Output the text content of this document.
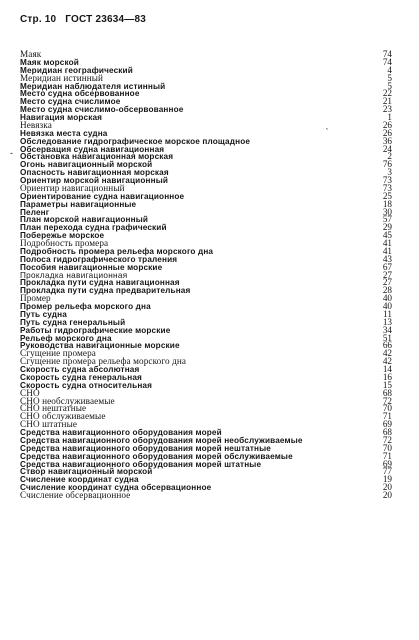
Стр. 10 ГОСТ 23634—83
-
,
Маяк	74
Маяк морской	74
Меридиан географический	4
Меридиан истинный	5
Меридиан наблюдателя истинный	5
Место судна обсервованное	22
Место судна счислимое	21
Место судна счислимо-обсервованное	23
Навигация морская	1
Невязка	26
Невязка места судна	26
Обследование гидрографическое морское площадное	36
Обсервация судна навигационная	24
Обстановка навигационная морская	2
Огонь навигационный морской	76
Опасность навигационная морская	3
Ориентир морской навигационный	73
Ориентир навигационный	73
Ориентирование судна навигационное	25
Параметры навигационные	18
Пеленг	30
План морской навигационный	57
План перехода судна графический	29
Побережье морское	45
Подробность промера	41
Подробность промера рельефа морского дна	41
Полоса гидрографического траления	43
Пособия навигационные морские	67
Прокладка навигационная	27
Прокладка пути судна навигационная	27
Прокладка пути судна предварительная	28
Промер	40
Промер рельефа морского дна	40
Путь судна	11
Путь судна генеральный	13
Работы гидрографические морские	34
Рельеф морского дна	51
Руководства навигационные морские	66
Сгущение промера	42
Сгущение промера рельефа морского дна	42
Скорость судна абсолютная	14
Скорость судна генеральная	16
Скорость судна относительная	15
СНО	68
СНО необслуживаемые	72
СНО нештатные	70
СНО обслуживаемые	71
СНО штатные	69
Средства навигационного оборудования морей	68
Средства навигационного оборудования морей необслуживаемые	72
Средства навигационного оборудования морей нештатные	70
Средства навигационного оборудования морей обслуживаемые	71
Средства навигационного оборудования морей штатные	69
Створ навигационный морской	77
Счисление координат судна	19
Счисление координат судна обсервационное	20
Счисление обсервационное	20
